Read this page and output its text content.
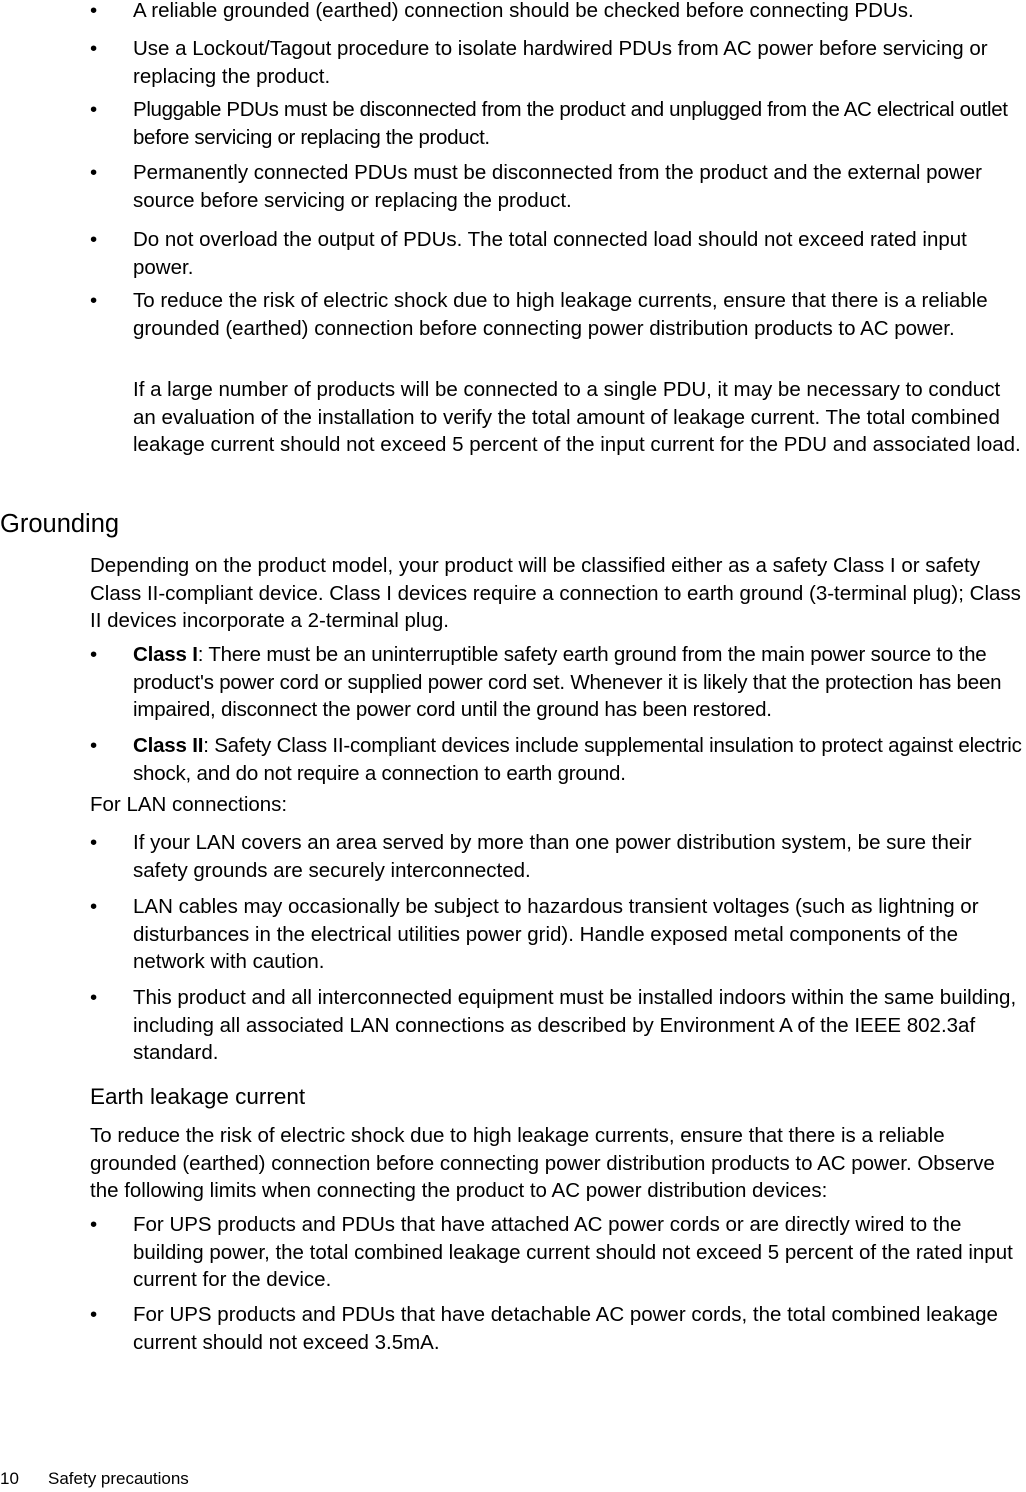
•	A reliable grounded (earthed) connection should be checked before connecting PDUs.
•	Use a Lockout/Tagout procedure to isolate hardwired PDUs from AC power before servicing or replacing the product.
•	Pluggable PDUs must be disconnected from the product and unplugged from the AC electrical outlet before servicing or replacing the product.
•	Permanently connected PDUs must be disconnected from the product and the external power source before servicing or replacing the product.
•	Do not overload the output of PDUs. The total connected load should not exceed rated input power.
•	To reduce the risk of electric shock due to high leakage currents, ensure that there is a reliable grounded (earthed) connection before connecting power distribution products to AC power.
If a large number of products will be connected to a single PDU, it may be necessary to conduct an evaluation of the installation to verify the total amount of leakage current. The total combined leakage current should not exceed 5 percent of the input current for the PDU and associated load.
Grounding
Depending on the product model, your product will be classified either as a safety Class I or safety Class II-compliant device. Class I devices require a connection to earth ground (3-terminal plug); Class II devices incorporate a 2-terminal plug.
•	Class I: There must be an uninterruptible safety earth ground from the main power source to the product's power cord or supplied power cord set. Whenever it is likely that the protection has been impaired, disconnect the power cord until the ground has been restored.
•	Class II: Safety Class II-compliant devices include supplemental insulation to protect against electric shock, and do not require a connection to earth ground.
For LAN connections:
•	If your LAN covers an area served by more than one power distribution system, be sure their safety grounds are securely interconnected.
•	LAN cables may occasionally be subject to hazardous transient voltages (such as lightning or disturbances in the electrical utilities power grid). Handle exposed metal components of the network with caution.
•	This product and all interconnected equipment must be installed indoors within the same building, including all associated LAN connections as described by Environment A of the IEEE 802.3af standard.
Earth leakage current
To reduce the risk of electric shock due to high leakage currents, ensure that there is a reliable grounded (earthed) connection before connecting power distribution products to AC power. Observe the following limits when connecting the product to AC power distribution devices:
•	For UPS products and PDUs that have attached AC power cords or are directly wired to the building power, the total combined leakage current should not exceed 5 percent of the rated input current for the device.
•	For UPS products and PDUs that have detachable AC power cords, the total combined leakage current should not exceed 3.5mA.
10 Safety precautions
